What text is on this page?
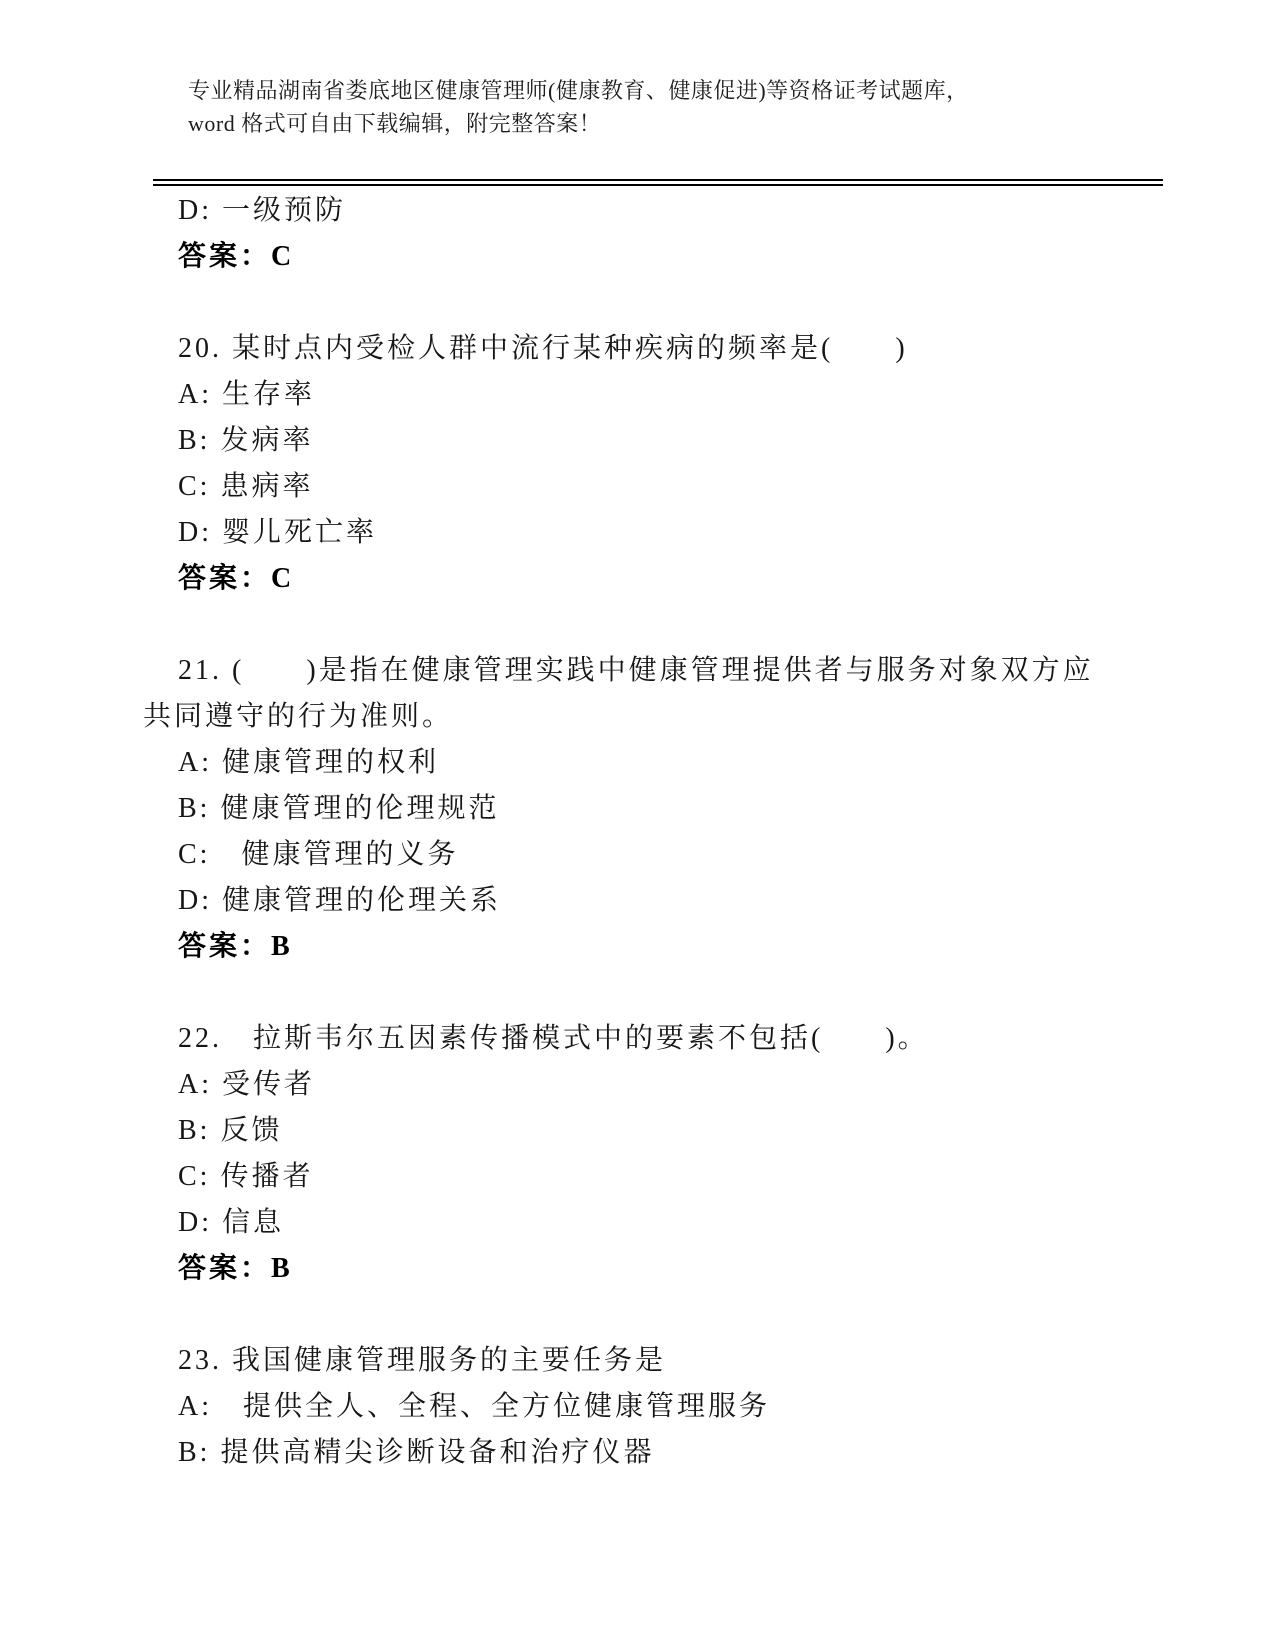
专业精品湖南省娄底地区健康管理师(健康教育、健康促进)等资格证考试题库，
word 格式可自由下载编辑，附完整答案！
D: 一级预防
答案：C
20. 某时点内受检人群中流行某种疾病的频率是(　　)
A: 生存率
B: 发病率
C: 患病率
D: 婴儿死亡率
答案：C
21. (　　)是指在健康管理实践中健康管理提供者与服务对象双方应
共同遵守的行为准则。
A: 健康管理的权利
B: 健康管理的伦理规范
C:　健康管理的义务
D: 健康管理的伦理关系
答案：B
22.　拉斯韦尔五因素传播模式中的要素不包括(　　)。
A: 受传者
B: 反馈
C: 传播者
D: 信息
答案：B
23. 我国健康管理服务的主要任务是
A:　提供全人、全程、全方位健康管理服务
B: 提供高精尖诊断设备和治疗仪器
